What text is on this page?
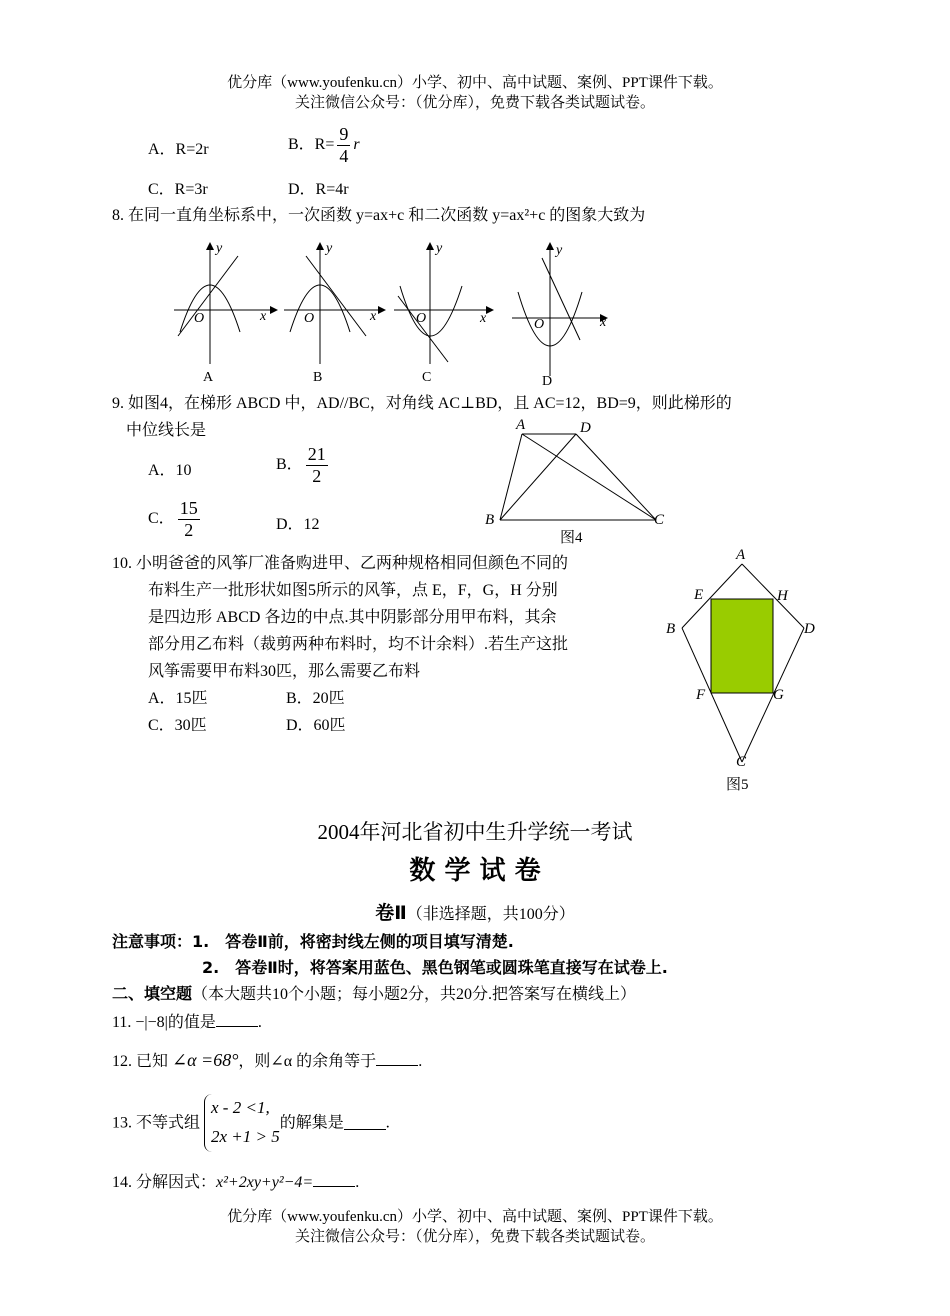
优分库（www.youfenku.cn）小学、初中、高中试题、案例、PPT课件下载。
关注微信公众号：（优分库），免费下载各类试题试卷。
A．R=2r	B．$R= \frac{9}{4}$ r
C．R=3r	D．R=4r
8. 在同一直角坐标系中，一次函数 y=ax+c 和二次函数 y=ax²+c 的图象大致为
y
x
O
A
y
x
O
B
y
x
O
C
y
x
O
D
9. 如图4，在梯形 ABCD 中，AD//BC，对角线 AC⊥BD，且 AC=12，BD=9，则此梯形的
中位线长是
A．10	B． $\frac{21}{2}$
C． $\frac{15}{2}$	D．12
A	D
B	C
图4
10. 小明爸爸的风筝厂准备购进甲、乙两种规格相同但颜色不同的
布料生产一批形状如图5所示的风筝，点 E，F，G，H 分别
是四边形 ABCD 各边的中点.其中阴影部分用甲布料，其余
部分用乙布料（裁剪两种布料时，均不计余料）.若生产这批
风筝需要甲布料30匹，那么需要乙布料
A．15匹	B．20匹
C．30匹	D．60匹
A
E	H
B	D
F	G
C
图5
2004年河北省初中生升学统一考试
数 学 试 卷
卷Ⅱ（非选择题，共100分）
注意事项：1.　答卷Ⅱ前，将密封线左侧的项目填写清楚.
2.　答卷Ⅱ时，将答案用蓝色、黑色钢笔或圆珠笔直接写在试卷上.
二、填空题（本大题共10个小题；每小题2分，共20分.把答案写在横线上）
11. −|−8|的值是	.
12. 已知 ∠α =68°，则∠α 的余角等于	.
13. 不等式组
x - 2 <1,
2x +1 > 5
的解集是	.
14. 分解因式：x²+2xy+y²−4=	.
优分库（www.youfenku.cn）小学、初中、高中试题、案例、PPT课件下载。
关注微信公众号：（优分库），免费下载各类试题试卷。
